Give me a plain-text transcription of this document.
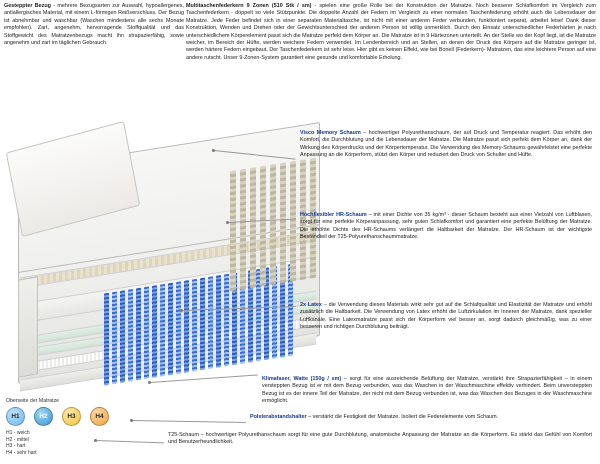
Gesteppter Bezug - mehrere Bezugsarten zur Auswahl, hypoallergenes, antiallergisches Material, mit einem L-förmigen Reißverschluss. Der Bezug ist abnehmbar und waschbar (Waschen mindestens alle sechs Monate empfohlen). Zart, angenehm, hervorragende Stoffqualität und das Stoffgewicht des Matratzenbezugs macht ihn strapazierfähig, sowie angenehm und zart im täglichen Gebrauch.
Multitaschenfederkern 9 Zonen (510 Stk / sm) - spielen eine große Rolle bei der Konstruktion der Matratze. Noch besserer Schlafkomfort im Vergleich zum Taschenfederkern - doppelt so viele Stützpunkte. Die doppelte Anzahl der Federn im Vergleich zu einer normalen Taschenfederung erhöht auch die Lebensdauer der Matratze. Jede Feder befindet sich in einer separaten Materialtasche, ist nicht mit einer anderen Feder verbunden, funktioniert separat, arbeitet leise! Dank dieser Konstruktion, Wenden und Drehen oder der Gewichtsunterschied der anderen Person ist völlig unmerklich. Durch den Einsatz unterschiedlicher Federhärten je nach unterschiedlichem Körperelement passt sich die Matratze perfekt dem Körper an. Die Matratze ist in 9 Härtezonen unterteilt. An der Stelle wo der Kopf liegt, ist die Matratze weicher, im Bereich der Hüfte, werden weichere Federn verwendet. Im Lendenbereich und an Stellen, an denen der Druck des Körpers auf die Matratze geringer ist, werden härtere Federn eingebaut. Der Taschenfederkern ist sehr leise. Hier gibt es keinen Effekt, wie bei Bonell (Federkern)- Matratzen, das eine leichtere Person auf eine andere rutscht. Unser 9-Zonen-System garantiert eine gesunde und komfortable Erholung.
Visco Memory Schaum – hochwertiger Polyurethanschaum, der auf Druck und Temperatur reagiert. Das erhöht den Komfort, die Durchblutung und die Lebensdauer der Matratze. Die Matratze passt sich perfekt dem Körper an, dank der Wirkung des Körperdrucks und der Körpertemperatur. Die Verwendung des Memory-Schaums gewährleistet eine perfekte Anpassung an die Körperform, stützt den Körper und reduziert den Druck von Schulter und Hüfte.
Hochflexibler HR-Schaum – mit einer Dichte von 35 kg/m³ - dieser Schaum besteht aus einer Vielzahl von Luftblasen, sorgt für eine perfekte Körperanpassung, sehr guten Schlafkomfort und garantiert eine perfekte Belüftung der Matratze. Die erhöhte Dichte des HR-Schaums verlängert die Haltbarkeit der Matratze. Der HR-Schaum ist der wichtigste Bestandteil der T25-Polyurethanschaummatratze.
2x Latex – die Verwendung dieses Materials wirkt sehr gut auf die Schlafqualität und Elastizität der Matratze und erhöht zusätzlich die Haltbarkeit. Die Verwendung von Latex erhöht die Luftzirkulation im Inneren der Matratze, dank spezieller Luftkanäle. Eine Latexmatratze passt sich der Körperform viel besser an, sorgt dadurch gleichmäßig, was zu einer besseren und richtigen Durchblutung beiträgt.
Klimafaser, Watte (150g / sm) – sorgt für eine ausreichende Belüftung der Matratze, verstärkt ihre Strapazierfähigkeit – in einem versteppten Bezug ist er mit dem Bezug verbunden, was das Waschen in der Waschmaschine effektiv verhindert. Beim unversteppten Bezug ist es der innere Teil der Matratze, der nicht mit dem Bezug verbunden ist, was das Waschen des Bezuges in der Waschmaschine ermöglicht.
Polsterabstandshalter – verstärkt die Festigkeit der Matratze. Isoliert die Federelemente vom Schaum.
Oberseite der Matratze
H1	H2	H3	H4
H1 - weich
H2 - mittel
H3 - hart
H4 - sehr hart
T25-Schaum – hochwertiger Polyurethanschaum sorgt für eine gute Durchblutung, anatomische Anpassung der Matratze an die Körperform. Es stärkt das Gefühl von Komfort und Benutzerfreundlichkeit.
